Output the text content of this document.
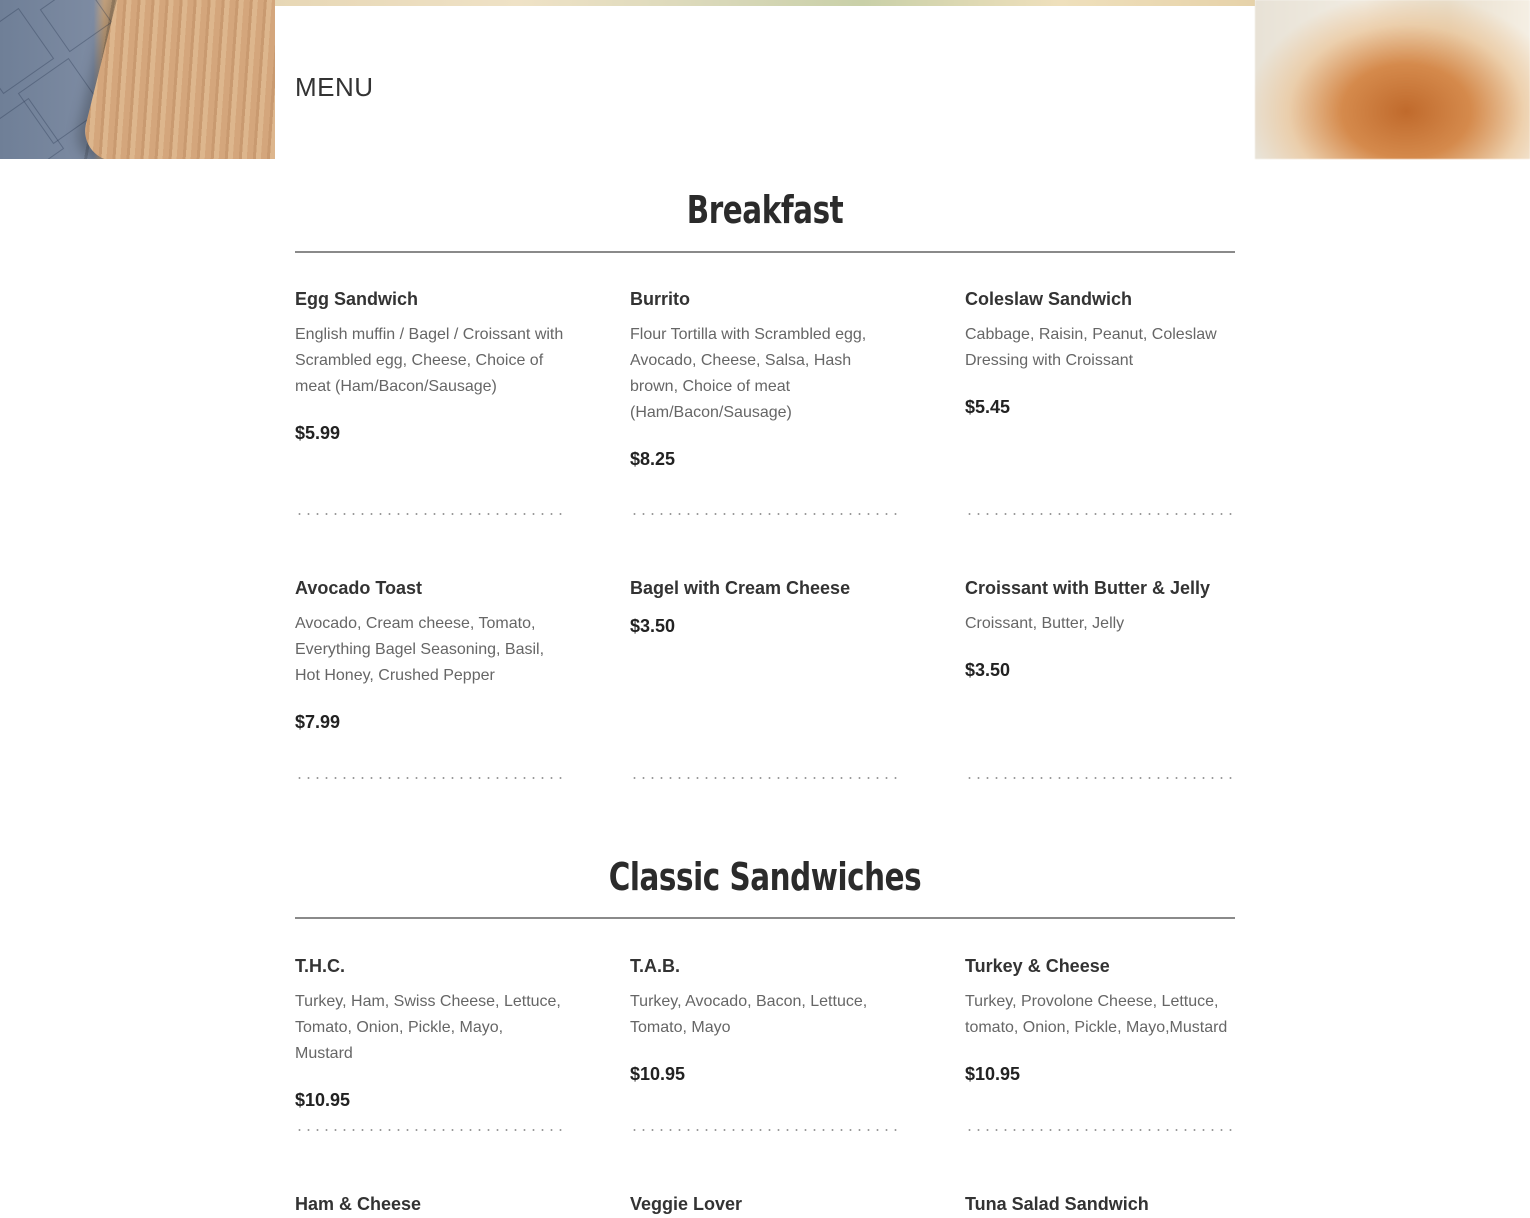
MENU
Breakfast

Egg Sandwich

English muffin / Bagel / Croissant with Scrambled egg, Cheese, Choice of meat (Ham/Bacon/Sausage)

$5.99

Burrito

Flour Tortilla with Scrambled egg, Avocado, Cheese, Salsa, Hash brown, Choice of meat (Ham/Bacon/Sausage)

$8.25

Coleslaw Sandwich

Cabbage, Raisin, Peanut, Coleslaw Dressing with Croissant

$5.45

Avocado Toast

Avocado, Cream cheese, Tomato, Everything Bagel Seasoning, Basil, Hot Honey, Crushed Pepper

$7.99

Bagel with Cream Cheese

$3.50

Croissant with Butter & Jelly

Croissant, Butter, Jelly

$3.50

Classic Sandwiches

T.H.C.

Turkey, Ham, Swiss Cheese, Lettuce, Tomato, Onion, Pickle, Mayo, Mustard

$10.95

T.A.B.

Turkey, Avocado, Bacon, Lettuce, Tomato, Mayo

$10.95

Turkey & Cheese

Turkey, Provolone Cheese, Lettuce, tomato, Onion, Pickle, Mayo,Mustard

$10.95

Ham & Cheese	Veggie Lover	Tuna Salad Sandwich
